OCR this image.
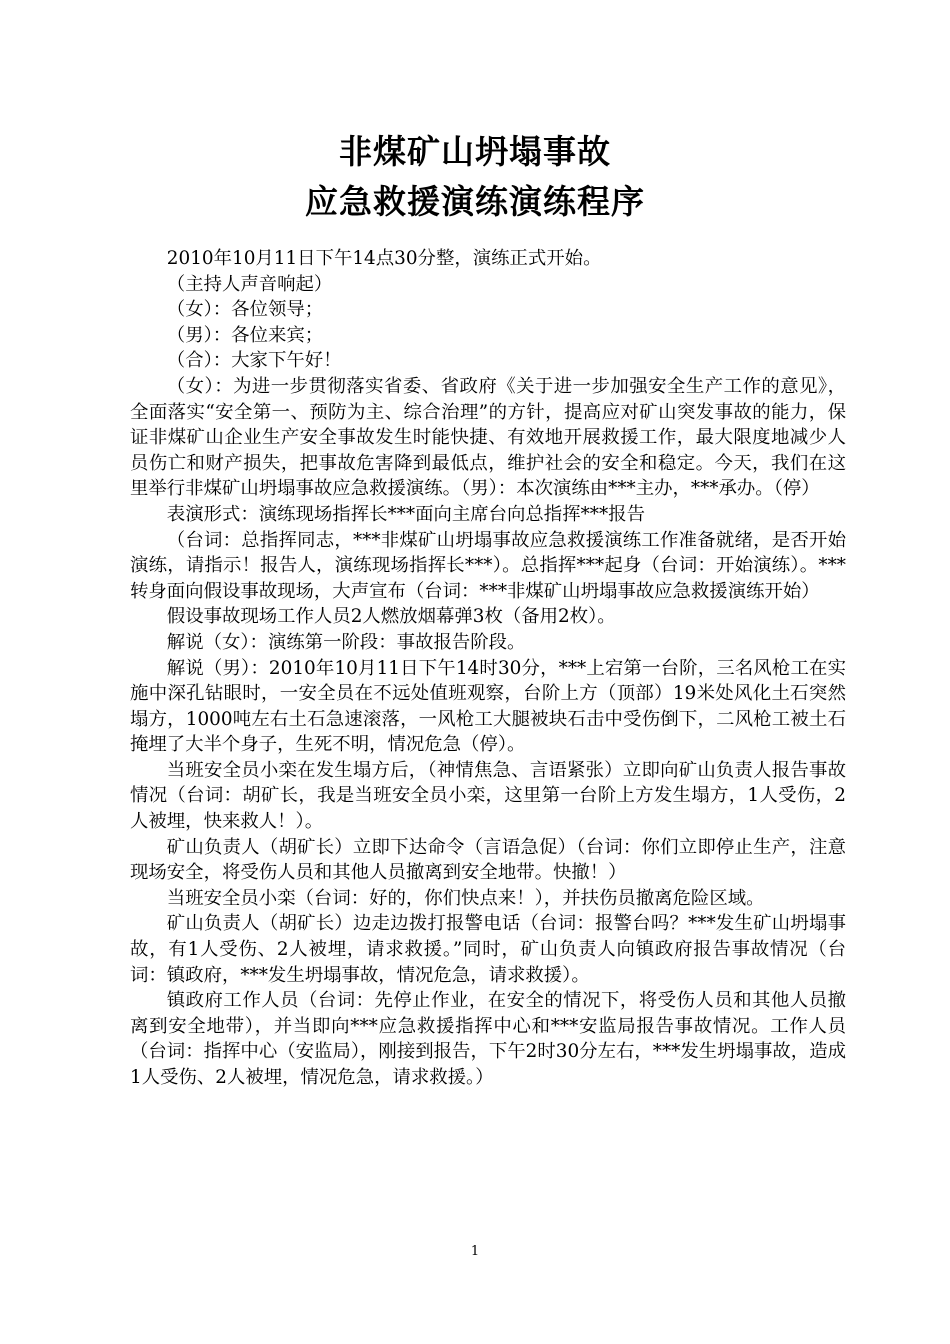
非煤矿山坍塌事故
应急救援演练演练程序

2010年10月11日下午14点30分整，演练正式开始。

（主持人声音响起）

（女）：各位领导；

（男）：各位来宾；

（合）：大家下午好！

（女）：为进一步贯彻落实省委、省政府《关于进一步加强安全生产工作的意见》，全面落实“安全第一、预防为主、综合治理”的方针，提高应对矿山突发事故的能力，保证非煤矿山企业生产安全事故发生时能快捷、有效地开展救援工作，最大限度地减少人员伤亡和财产损失，把事故危害降到最低点，维护社会的安全和稳定。今天，我们在这里举行非煤矿山坍塌事故应急救援演练。（男）：本次演练由***主办，***承办。（停）

表演形式：演练现场指挥长***面向主席台向总指挥***报告

（台词：总指挥同志，***非煤矿山坍塌事故应急救援演练工作准备就绪，是否开始演练，请指示！报告人，演练现场指挥长***）。总指挥***起身（台词：开始演练）。***转身面向假设事故现场，大声宣布（台词：***非煤矿山坍塌事故应急救援演练开始）

假设事故现场工作人员2人燃放烟幕弹3枚（备用2枚）。

解说（女）：演练第一阶段：事故报告阶段。

解说（男）：2010年10月11日下午14时30分，***上宕第一台阶，三名风枪工在实施中深孔钻眼时，一安全员在不远处值班观察，台阶上方（顶部）19米处风化土石突然塌方，1000吨左右土石急速滚落，一风枪工大腿被块石击中受伤倒下，二风枪工被土石掩埋了大半个身子，生死不明，情况危急（停）。

当班安全员小栾在发生塌方后，（神情焦急、言语紧张）立即向矿山负责人报告事故情况（台词：胡矿长，我是当班安全员小栾，这里第一台阶上方发生塌方，1人受伤，2人被埋，快来救人！）。

矿山负责人（胡矿长）立即下达命令（言语急促）（台词：你们立即停止生产，注意现场安全，将受伤人员和其他人员撤离到安全地带。快撤！）

当班安全员小栾（台词：好的，你们快点来！），并扶伤员撤离危险区域。

矿山负责人（胡矿长）边走边拨打报警电话（台词：报警台吗？***发生矿山坍塌事故，有1人受伤、2人被埋，请求救援。”同时，矿山负责人向镇政府报告事故情况（台词：镇政府，***发生坍塌事故，情况危急，请求救援）。

镇政府工作人员（台词：先停止作业，在安全的情况下，将受伤人员和其他人员撤离到安全地带），并当即向***应急救援指挥中心和***安监局报告事故情况。工作人员（台词：指挥中心（安监局），刚接到报告，下午2时30分左右，***发生坍塌事故，造成1人受伤、2人被埋，情况危急，请求救援。）

1
